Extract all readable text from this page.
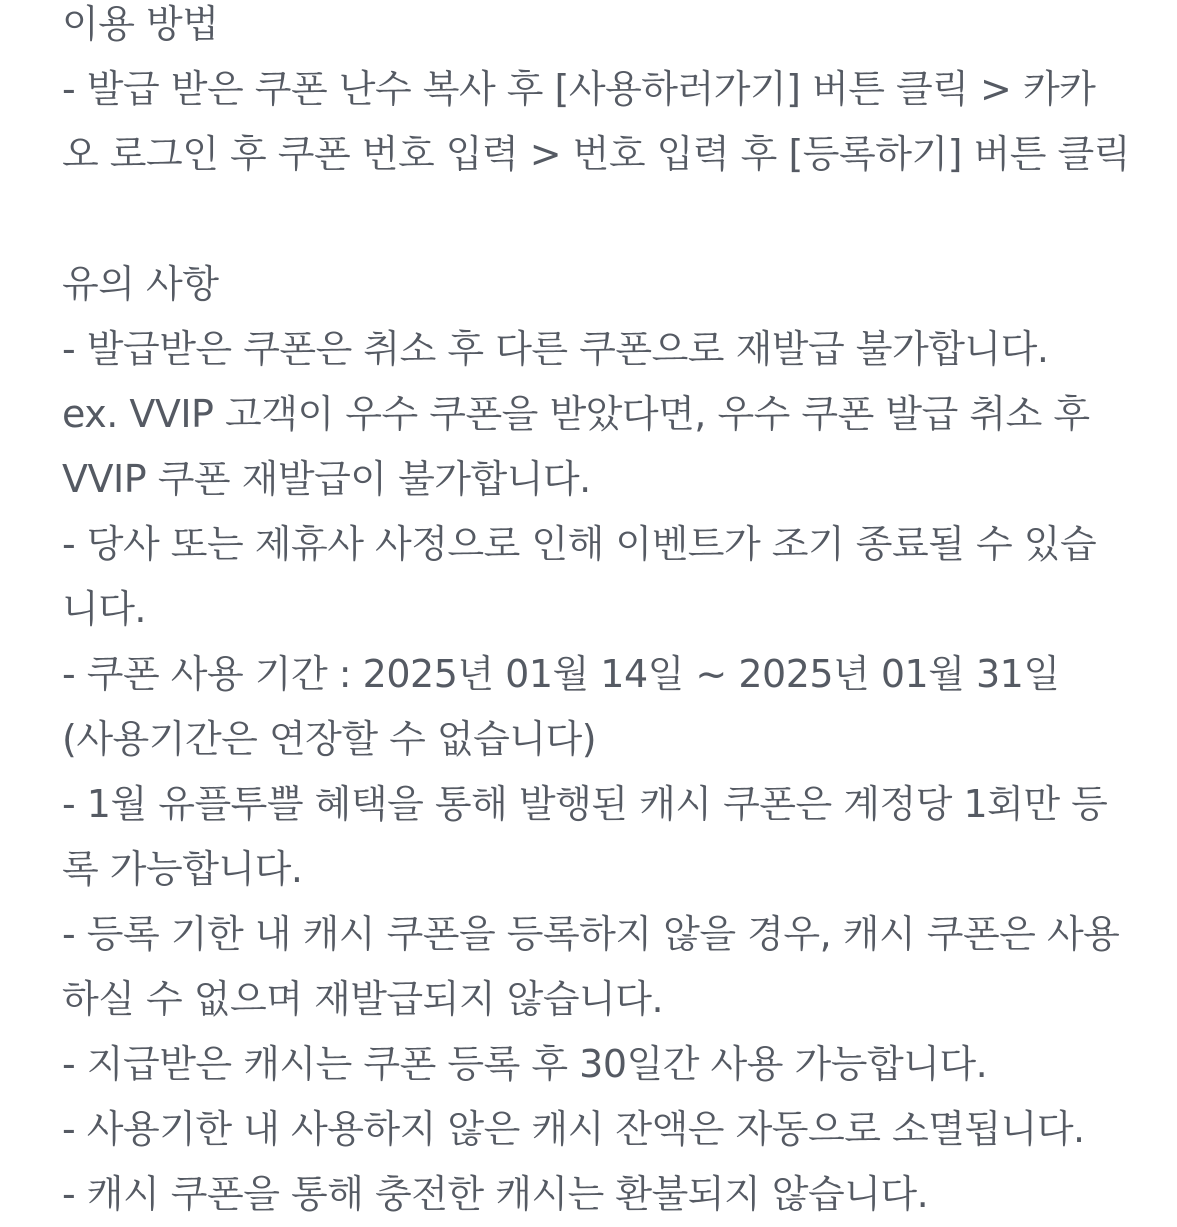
이용 방법
- 발급 받은 쿠폰 난수 복사 후 [사용하러가기] 버튼 클릭 > 카카
오 로그인 후 쿠폰 번호 입력 > 번호 입력 후 [등록하기] 버튼 클릭
유의 사항
- 발급받은 쿠폰은 취소 후 다른 쿠폰으로 재발급 불가합니다.
ex. VVIP 고객이 우수 쿠폰을 받았다면, 우수 쿠폰 발급 취소 후
VVIP 쿠폰 재발급이 불가합니다.
- 당사 또는 제휴사 사정으로 인해 이벤트가 조기 종료될 수 있습
니다.
- 쿠폰 사용 기간 : 2025년 01월 14일 ~ 2025년 01월 31일
(사용기간은 연장할 수 없습니다)
- 1월 유플투쁠 혜택을 통해 발행된 캐시 쿠폰은 계정당 1회만 등
록 가능합니다.
- 등록 기한 내 캐시 쿠폰을 등록하지 않을 경우, 캐시 쿠폰은 사용
하실 수 없으며 재발급되지 않습니다.
- 지급받은 캐시는 쿠폰 등록 후 30일간 사용 가능합니다.
- 사용기한 내 사용하지 않은 캐시 잔액은 자동으로 소멸됩니다.
- 캐시 쿠폰을 통해 충전한 캐시는 환불되지 않습니다.
